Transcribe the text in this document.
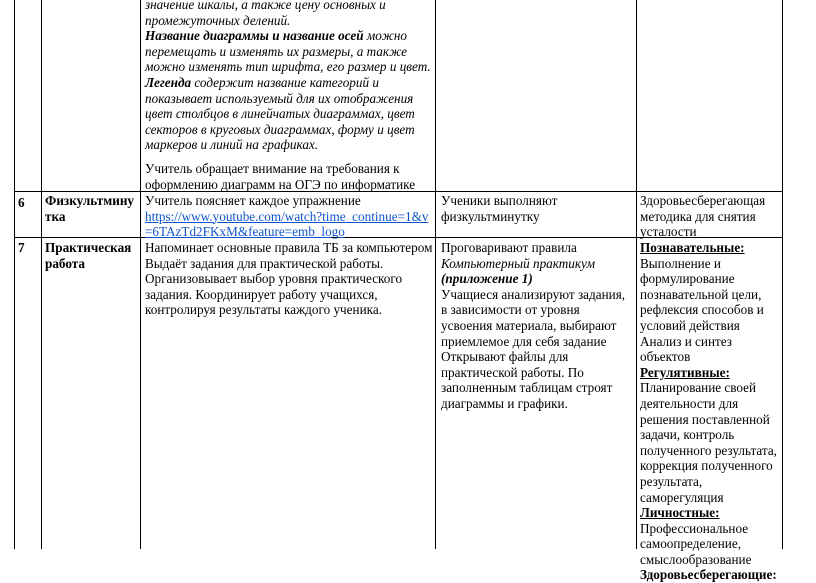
значение шкалы, а также цену основных и промежуточных делений.

Название диаграммы и название осей можно перемещать и изменять их размеры, а также можно изменять тип шрифта, его размер и цвет.

Легенда содержит название категорий и показывает используемый для их отображения цвет столбцов в линейчатых диаграммах, цвет секторов в круговых диаграммах, форму и цвет маркеров и линий на графиках.

Учитель обращает внимание на требования к оформлению диаграмм на ОГЭ по информатике
6 Физкультминутка

Учитель поясняет каждое упражнение

https://www.youtube.com/watch?time_continue=1&v=6TAzTd2FKxM&feature=emb_logo

Ученики выполняют физкультминутку
Здоровьесберегающая методика для снятия усталости
7 Практическая работа
Напоминает основные правила ТБ за компьютером Выдаёт задания для практической работы. Организовывает выбор уровня практического задания. Координирует работу учащихся, контролируя результаты каждого ученика.

Проговаривают правила

Компьютерный практикум

(приложение 1)

Учащиеся анализируют задания, в зависимости от уровня усвоения материала, выбирают приемлемое для себя задание Открывают файлы для практической работы. По заполненным таблицам строят диаграммы и графики.

Познавательные:

Выполнение и формулирование познавательной цели, рефлексия способов и условий действия Анализ и синтез объектов

Регулятивные:

Планирование своей деятельности для решения поставленной задачи, контроль полученного результата, коррекция полученного результата, саморегуляция

Личностные:

Профессиональное самоопределение, смыслообразование

Здоровьесберегающие:
